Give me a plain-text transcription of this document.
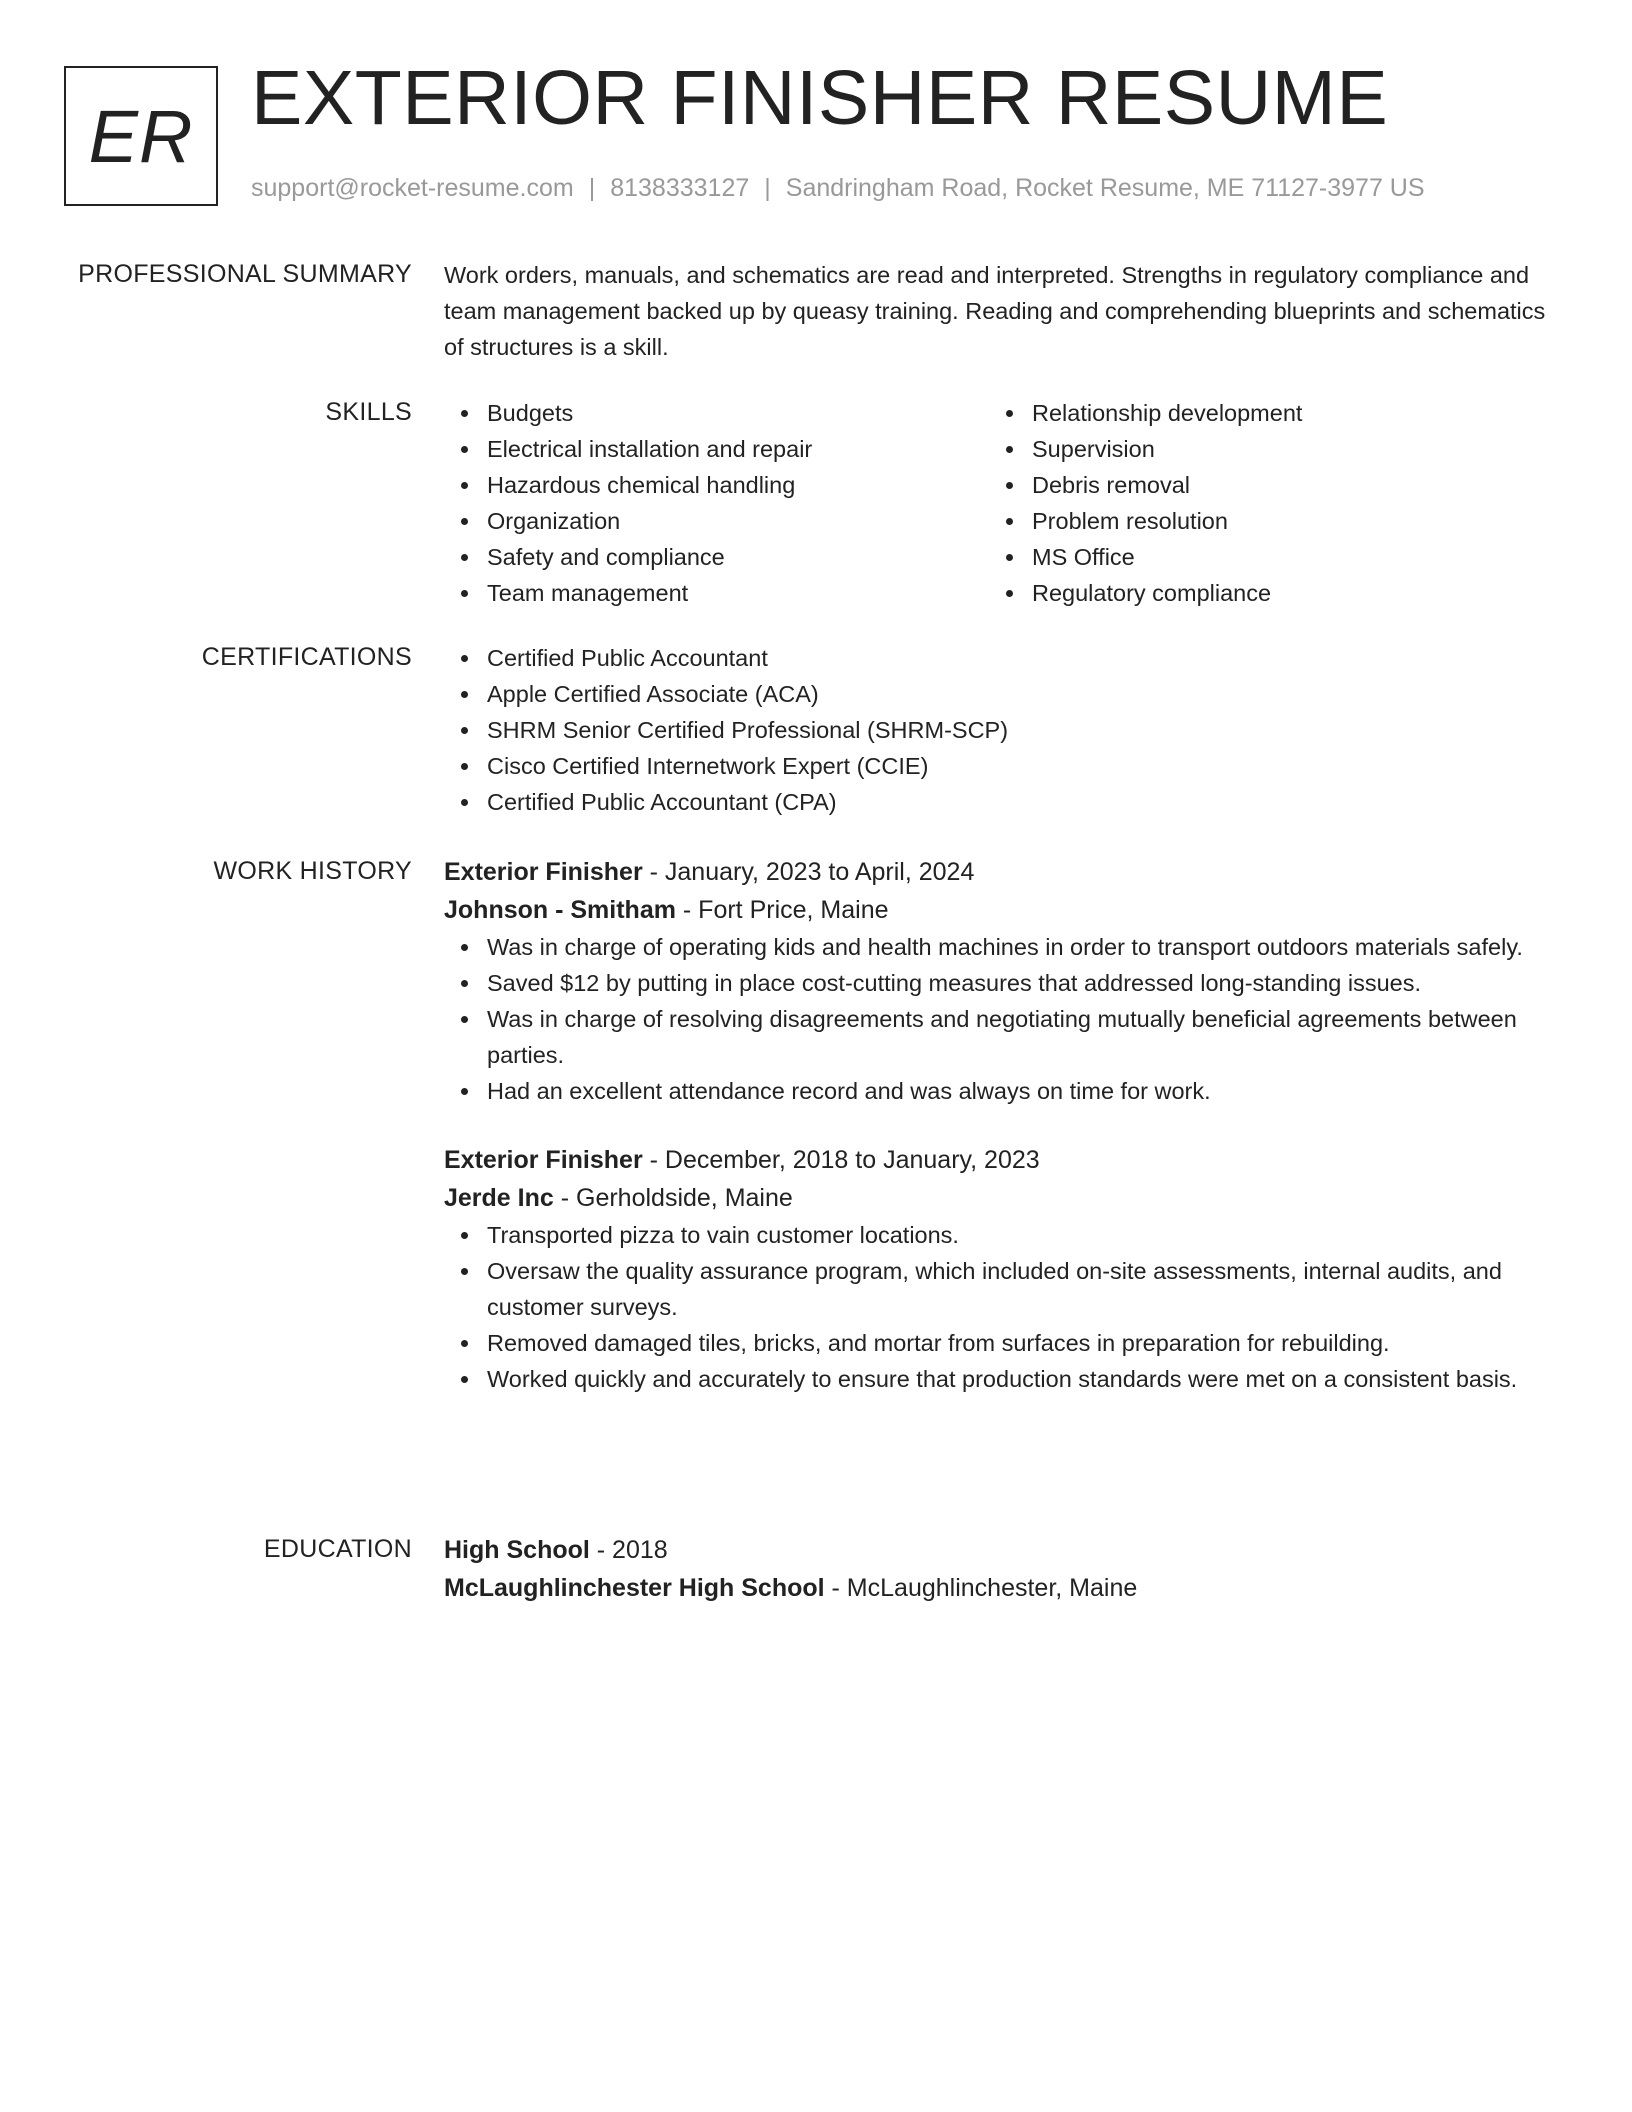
ER EXTERIOR FINISHER RESUME
support@rocket-resume.com | 8138333127 | Sandringham Road, Rocket Resume, ME 71127-3977 US
PROFESSIONAL SUMMARY Work orders, manuals, and schematics are read and interpreted. Strengths in regulatory compliance and team management backed up by queasy training. Reading and comprehending blueprints and schematics of structures is a skill.

SKILLS	Budgets
Electrical installation and repair
Hazardous chemical handling
Organization
Safety and compliance
Team management
Relationship development
Supervision
Debris removal
Problem resolution
MS Office
Regulatory compliance
CERTIFICATIONS	Certified Public Accountant
Apple Certified Associate (ACA)
SHRM Senior Certified Professional (SHRM-SCP)
Cisco Certified Internetwork Expert (CCIE)
Certified Public Accountant (CPA)
WORK HISTORY Exterior Finisher - January, 2023 to April, 2024
Johnson - Smitham - Fort Price, Maine
Was in charge of operating kids and health machines in order to transport outdoors materials safely.
Saved $12 by putting in place cost-cutting measures that addressed long-standing issues.
Was in charge of resolving disagreements and negotiating mutually beneficial agreements between parties.
Had an excellent attendance record and was always on time for work.
Exterior Finisher - December, 2018 to January, 2023
Jerde Inc - Gerholdside, Maine
Transported pizza to vain customer locations.
Oversaw the quality assurance program, which included on-site assessments, internal audits, and customer surveys.
Removed damaged tiles, bricks, and mortar from surfaces in preparation for rebuilding.
Worked quickly and accurately to ensure that production standards were met on a consistent basis.
EDUCATION High School - 2018
McLaughlinchester High School - McLaughlinchester, Maine
